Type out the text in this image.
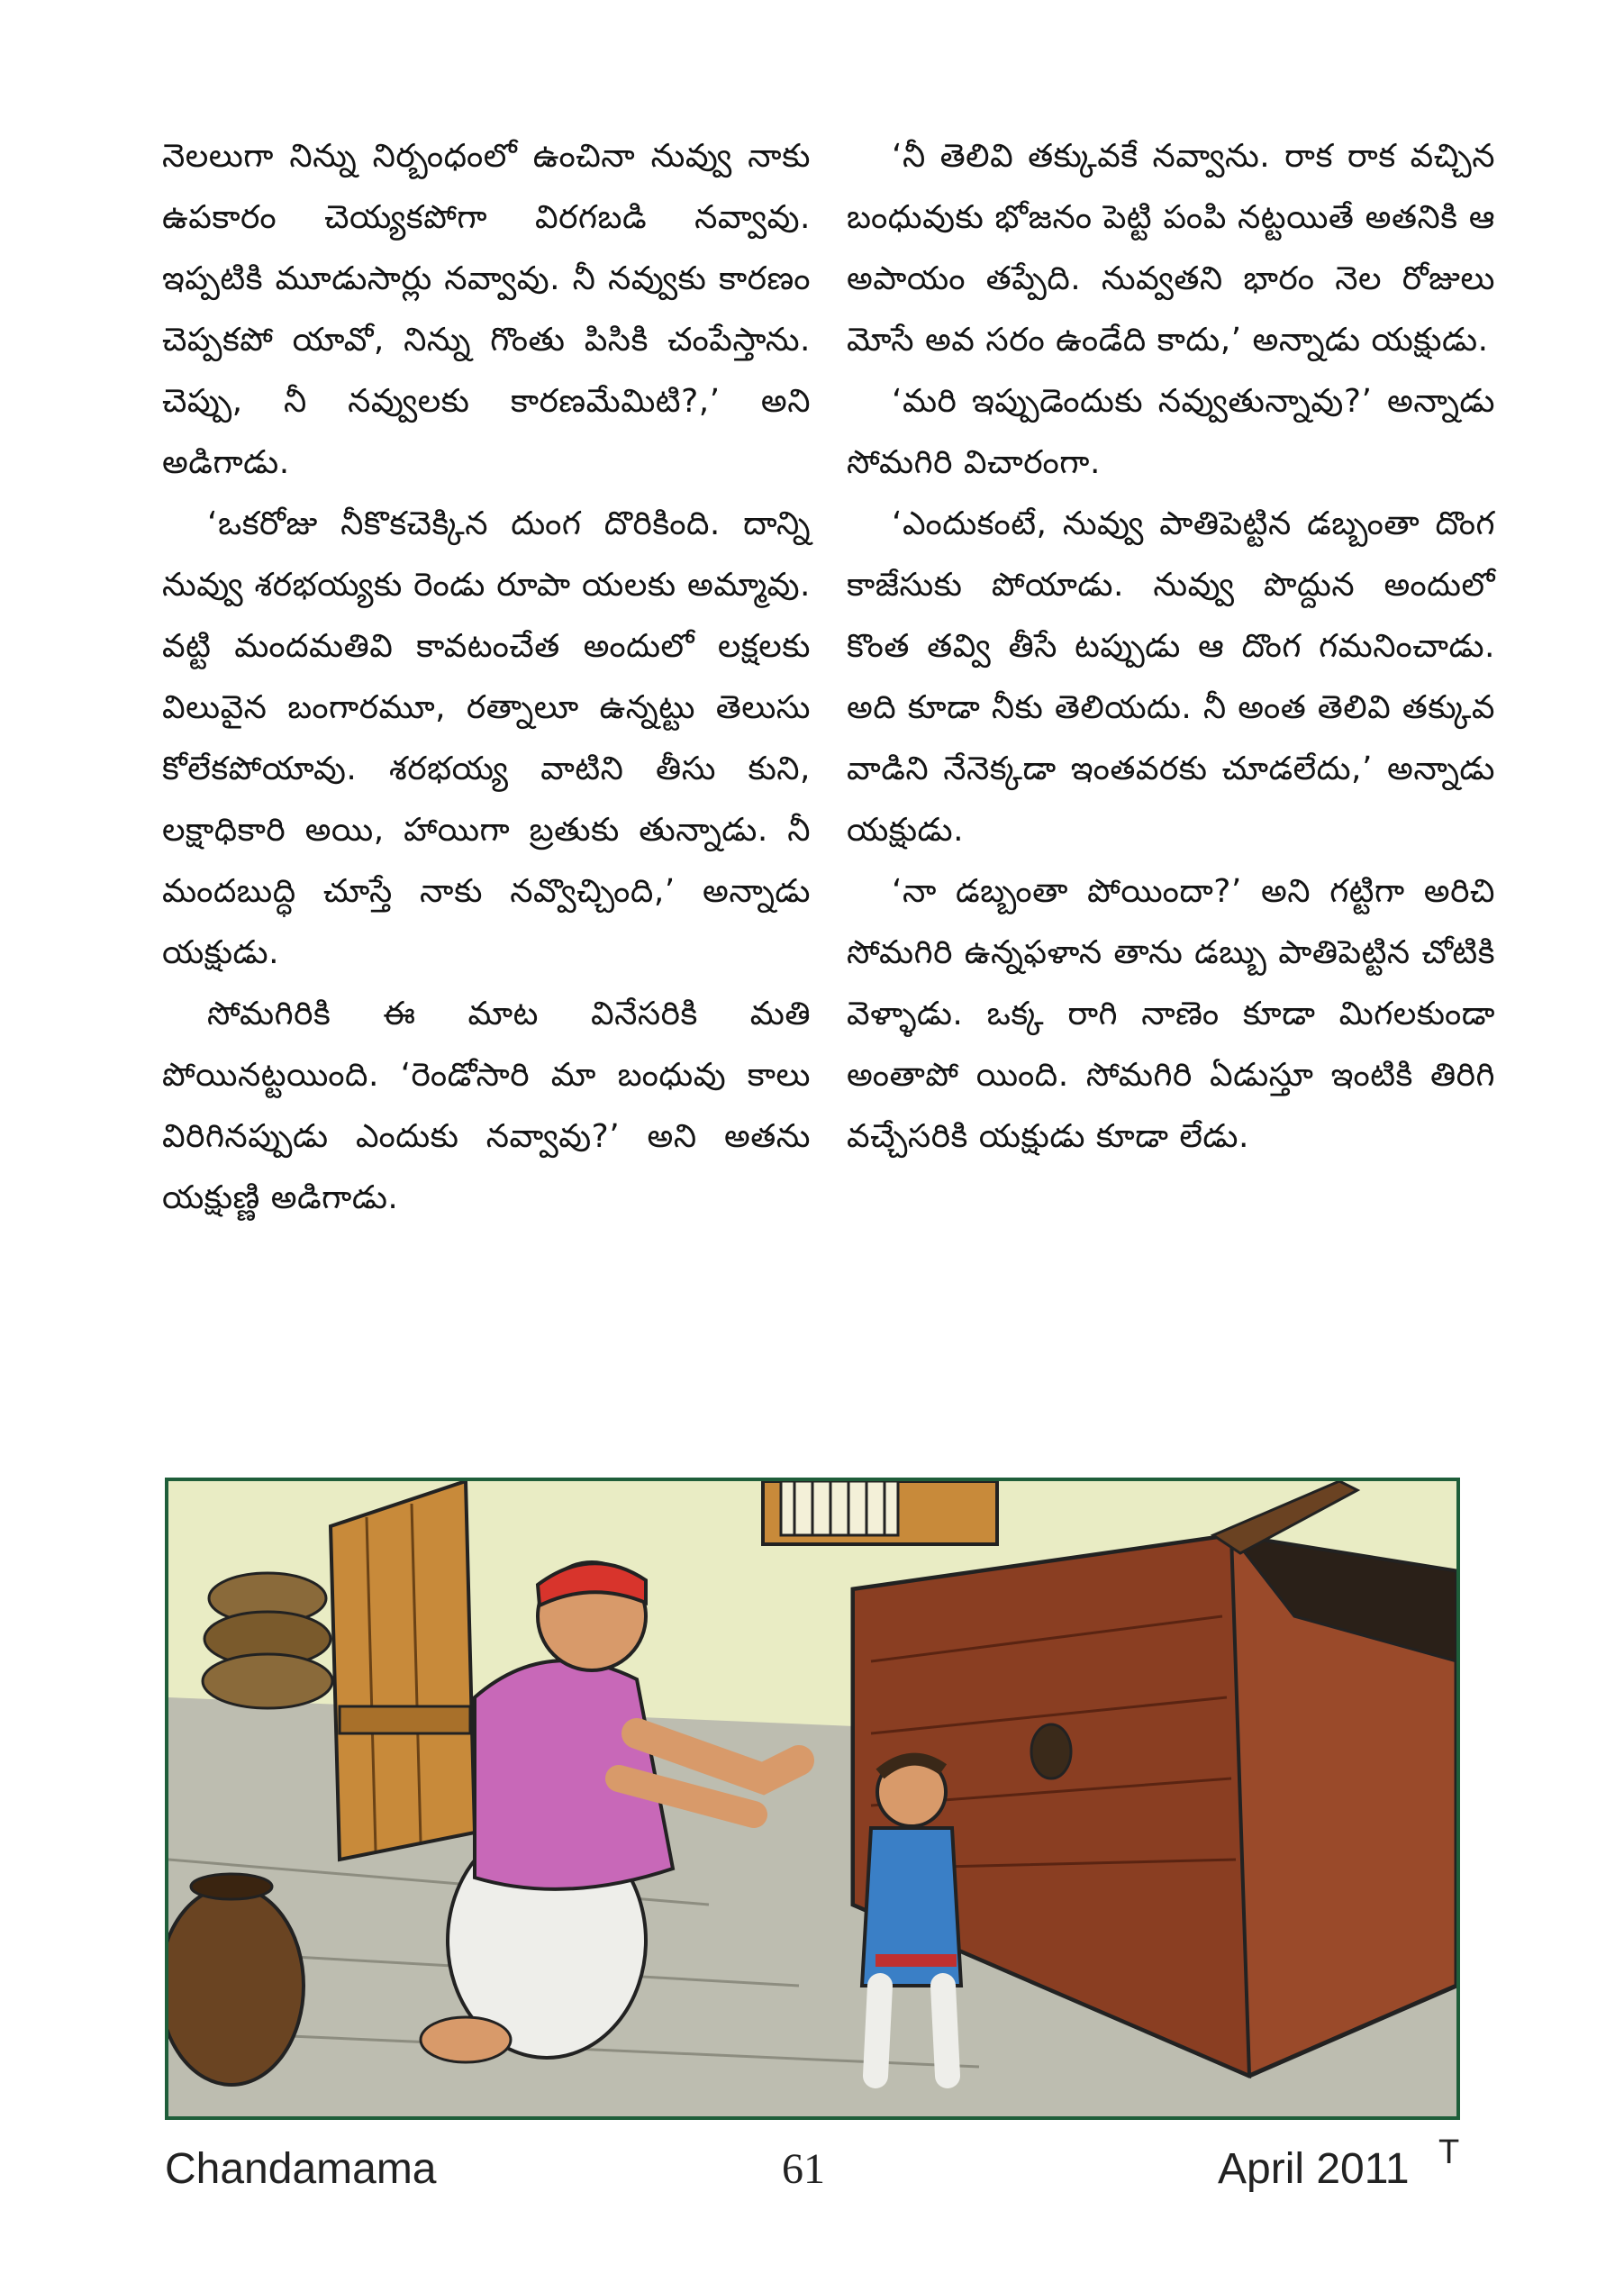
నెలలుగా నిన్ను నిర్బంధంలో ఉంచినా నువ్వు నాకు ఉపకారం చెయ్యకపోగా విరగబడి నవ్వావు. ఇప్పటికి మూడుసార్లు నవ్వావు. నీ నవ్వుకు కారణం చెప్పకపో యావో, నిన్ను గొంతు పిసికి చంపేస్తాను. చెప్పు, నీ నవ్వులకు కారణమేమిటి?,’ అని అడిగాడు.

‘ఒకరోజు నీకొకచెక్కిన దుంగ దొరికింది. దాన్ని నువ్వు శరభయ్యకు రెండు రూపా యలకు అమ్మావు. వట్టి మందమతివి కావటంచేత అందులో లక్షలకు విలువైన బంగారమూ, రత్నాలూ ఉన్నట్టు తెలుసు కోలేకపోయావు. శరభయ్య వాటిని తీసు కుని, లక్షాధికారి అయి, హాయిగా బ్రతుకు తున్నాడు. నీ మందబుద్ధి చూస్తే నాకు నవ్వొచ్చింది,’ అన్నాడు యక్షుడు.

సోమగిరికి ఈ మాట వినేసరికి మతి పోయినట్టయింది. ‘రెండోసారి మా బంధువు కాలు విరిగినప్పుడు ఎందుకు నవ్వావు?’ అని అతను యక్షుణ్ణి అడిగాడు.

‘నీ తెలివి తక్కువకే నవ్వాను. రాక రాక వచ్చిన బంధువుకు భోజనం పెట్టి పంపి నట్టయితే అతనికి ఆ అపాయం తప్పేది. నువ్వతని భారం నెల రోజులు మోసే అవ సరం ఉండేది కాదు,’ అన్నాడు యక్షుడు.

‘మరి ఇప్పుడెందుకు నవ్వుతున్నావు?’ అన్నాడు సోమగిరి విచారంగా.

‘ఎందుకంటే, నువ్వు పాతిపెట్టిన డబ్బంతా దొంగ కాజేసుకు పోయాడు. నువ్వు పొద్దున అందులో కొంత తవ్వి తీసే టప్పుడు ఆ దొంగ గమనించాడు. అది కూడా నీకు తెలియదు. నీ అంత తెలివి తక్కువ వాడిని నేనెక్కడా ఇంతవరకు చూడలేదు,’ అన్నాడు యక్షుడు.

‘నా డబ్బంతా పోయిందా?’ అని గట్టిగా అరిచి సోమగిరి ఉన్నఫళాన తాను డబ్బు పాతిపెట్టిన చోటికి వెళ్ళాడు. ఒక్క రాగి నాణెం కూడా మిగలకుండా అంతాపో యింది. సోమగిరి ఏడుస్తూ ఇంటికి తిరిగి వచ్చేసరికి యక్షుడు కూడా లేడు.

Chandamama	61	April 2011 T
